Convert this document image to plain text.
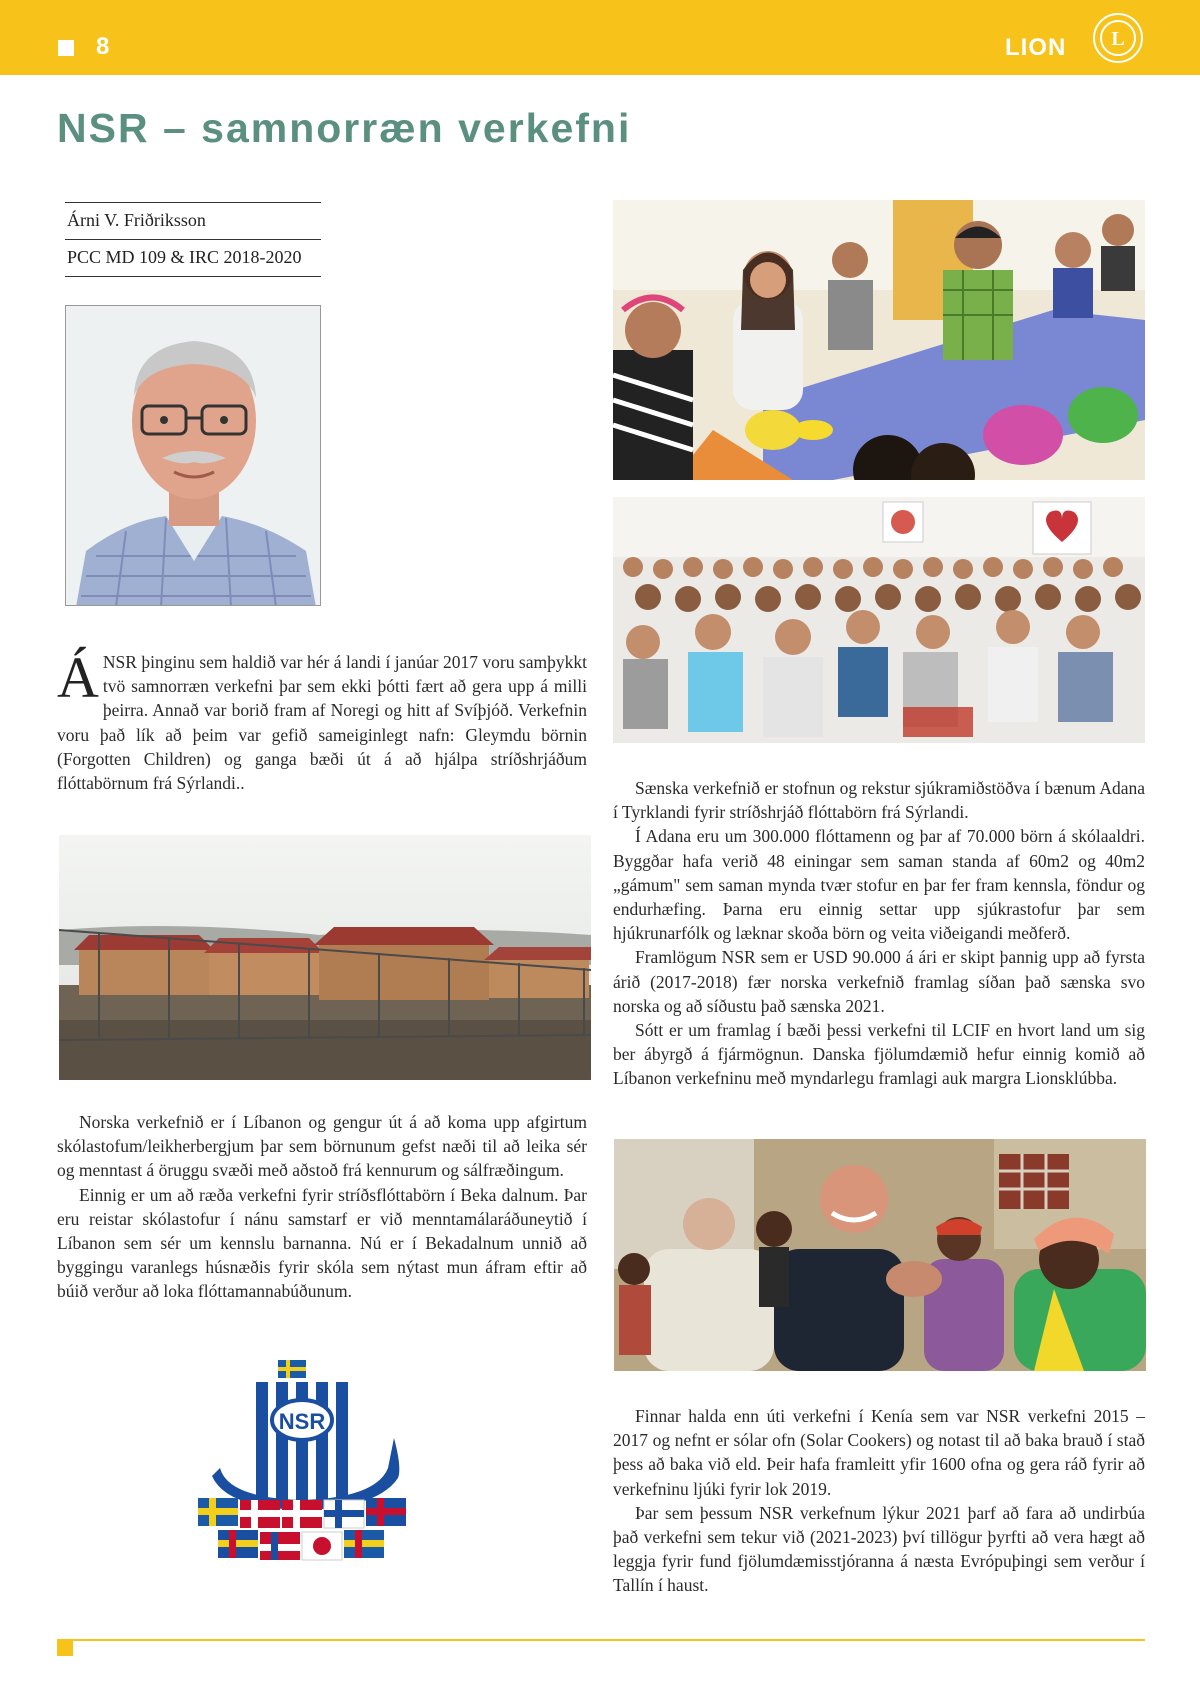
8	LION L
NSR – samnorræn verkefni
Árni V. Friðriksson
PCC MD 109 & IRC 2018-2020

Á NSR þinginu sem haldið var hér á landi í janúar 2017 voru samþykkt tvö samnorræn verkefni þar sem ekki þótti fært að gera upp á milli þeirra. Annað var borið fram af Noregi og hitt af Svíþjóð. Verkefnin voru það lík að þeim var gefið sameiginlegt nafn: Gleymdu börnin (Forgotten Children) og ganga bæði út á að hjálpa stríðshrjáðum flóttabörnum frá Sýrlandi..

Norska verkefnið er í Líbanon og gengur út á að koma upp afgirtum skólastofum/leikherbergjum þar sem börnunum gefst næði til að leika sér og menntast á öruggu svæði með aðstoð frá kennurum og sálfræðingum.

Einnig er um að ræða verkefni fyrir stríðsflóttabörn í Beka dalnum. Þar eru reistar skólastofur í nánu samstarf er við menntamálaráðuneytið í Líbanon sem sér um kennslu barnanna. Nú er í Bekadalnum unnið að byggingu varanlegs húsnæðis fyrir skóla sem nýtast mun áfram eftir að búið verður að loka flóttamannabúðunum.

NSR

Sænska verkefnið er stofnun og rekstur sjúkramiðstöðva í bænum Adana í Tyrklandi fyrir stríðshrjáð flóttabörn frá Sýrlandi.

Í Adana eru um 300.000 flóttamenn og þar af 70.000 börn á skólaaldri. Byggðar hafa verið 48 einingar sem saman standa af 60m2 og 40m2 „gámum" sem saman mynda tvær stofur en þar fer fram kennsla, föndur og endurhæfing. Þarna eru einnig settar upp sjúkrastofur þar sem hjúkrunarfólk og læknar skoða börn og veita viðeigandi meðferð.

Framlögum NSR sem er USD 90.000 á ári er skipt þannig upp að fyrsta árið (2017-2018) fær norska verkefnið framlag síðan það sænska svo norska og að síðustu það sænska 2021.

Sótt er um framlag í bæði þessi verkefni til LCIF en hvort land um sig ber ábyrgð á fjármögnun. Danska fjölumdæmið hefur einnig komið að Líbanon verkefninu með myndarlegu framlagi auk margra Lionsklúbba.

Finnar halda enn úti verkefni í Kenía sem var NSR verkefni 2015 – 2017 og nefnt er sólar ofn (Solar Cookers) og notast til að baka brauð í stað þess að baka við eld. Þeir hafa framleitt yfir 1600 ofna og gera ráð fyrir að verkefninu ljúki fyrir lok 2019.

Þar sem þessum NSR verkefnum lýkur 2021 þarf að fara að undirbúa það verkefni sem tekur við (2021-2023) því tillögur þyrfti að vera hægt að leggja fyrir fund fjölumdæmisstjóranna á næsta Evrópuþingi sem verður í Tallín í haust.
